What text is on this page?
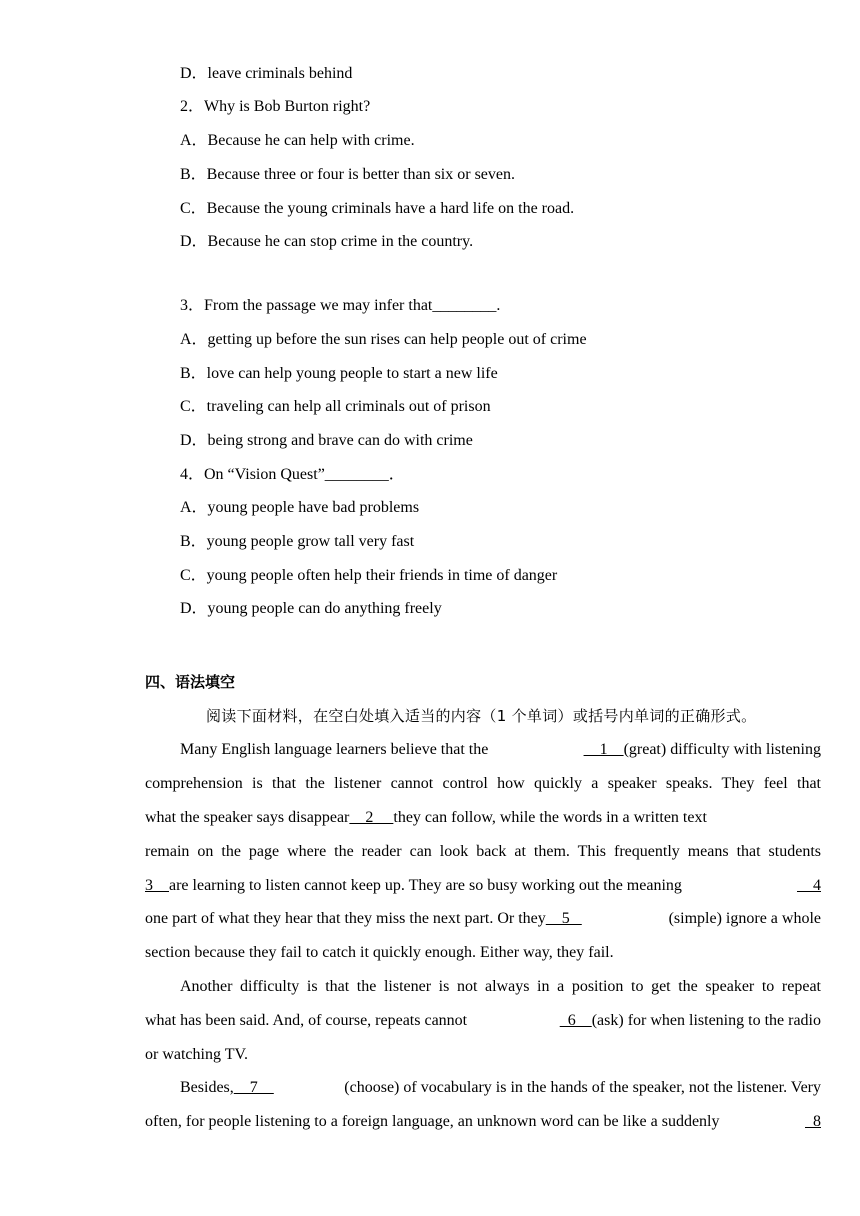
D．leave criminals behind
2．Why is Bob Burton right?
A．Because he can help with crime.
B．Because three or four is better than six or seven.
C．Because the young criminals have a hard life on the road.
D．Because he can stop crime in the country.
3．From the passage we may infer that________.
A．getting up before the sun rises can help people out of crime
B．love can help young people to start a new life
C．traveling can help all criminals out of prison
D．being strong and brave can do with crime
4．On “Vision Quest”________．
A．young people have bad problems
B．young people grow tall very fast
C．young people often help their friends in time of danger
D．young people can do anything freely
四、语法填空
阅读下面材料，在空白处填入适当的内容（1 个单词）或括号内单词的正确形式。
Many English language learners believe that the	1    (great) difficulty with listening
comprehension is that the listener cannot control how quickly a speaker speaks. They feel that
what the speaker says disappear    2     they can follow, while the words in a written text
remain on the page where the reader can look back at them. This frequently means that students
3    are learning to listen cannot keep up. They are so busy working out the meaning	4
one part of what they hear that they miss the next part. Or they    5	(simple) ignore a whole
section because they fail to catch it quickly enough. Either way, they fail.
Another difficulty is that the listener is not always in a position to get the speaker to repeat
what has been said. And, of course, repeats cannot	6    (ask) for when listening to the radio
or watching TV.
Besides,    7	(choose) of vocabulary is in the hands of the speaker, not the listener. Very
often, for people listening to a foreign language, an unknown word can be like a suddenly	8
